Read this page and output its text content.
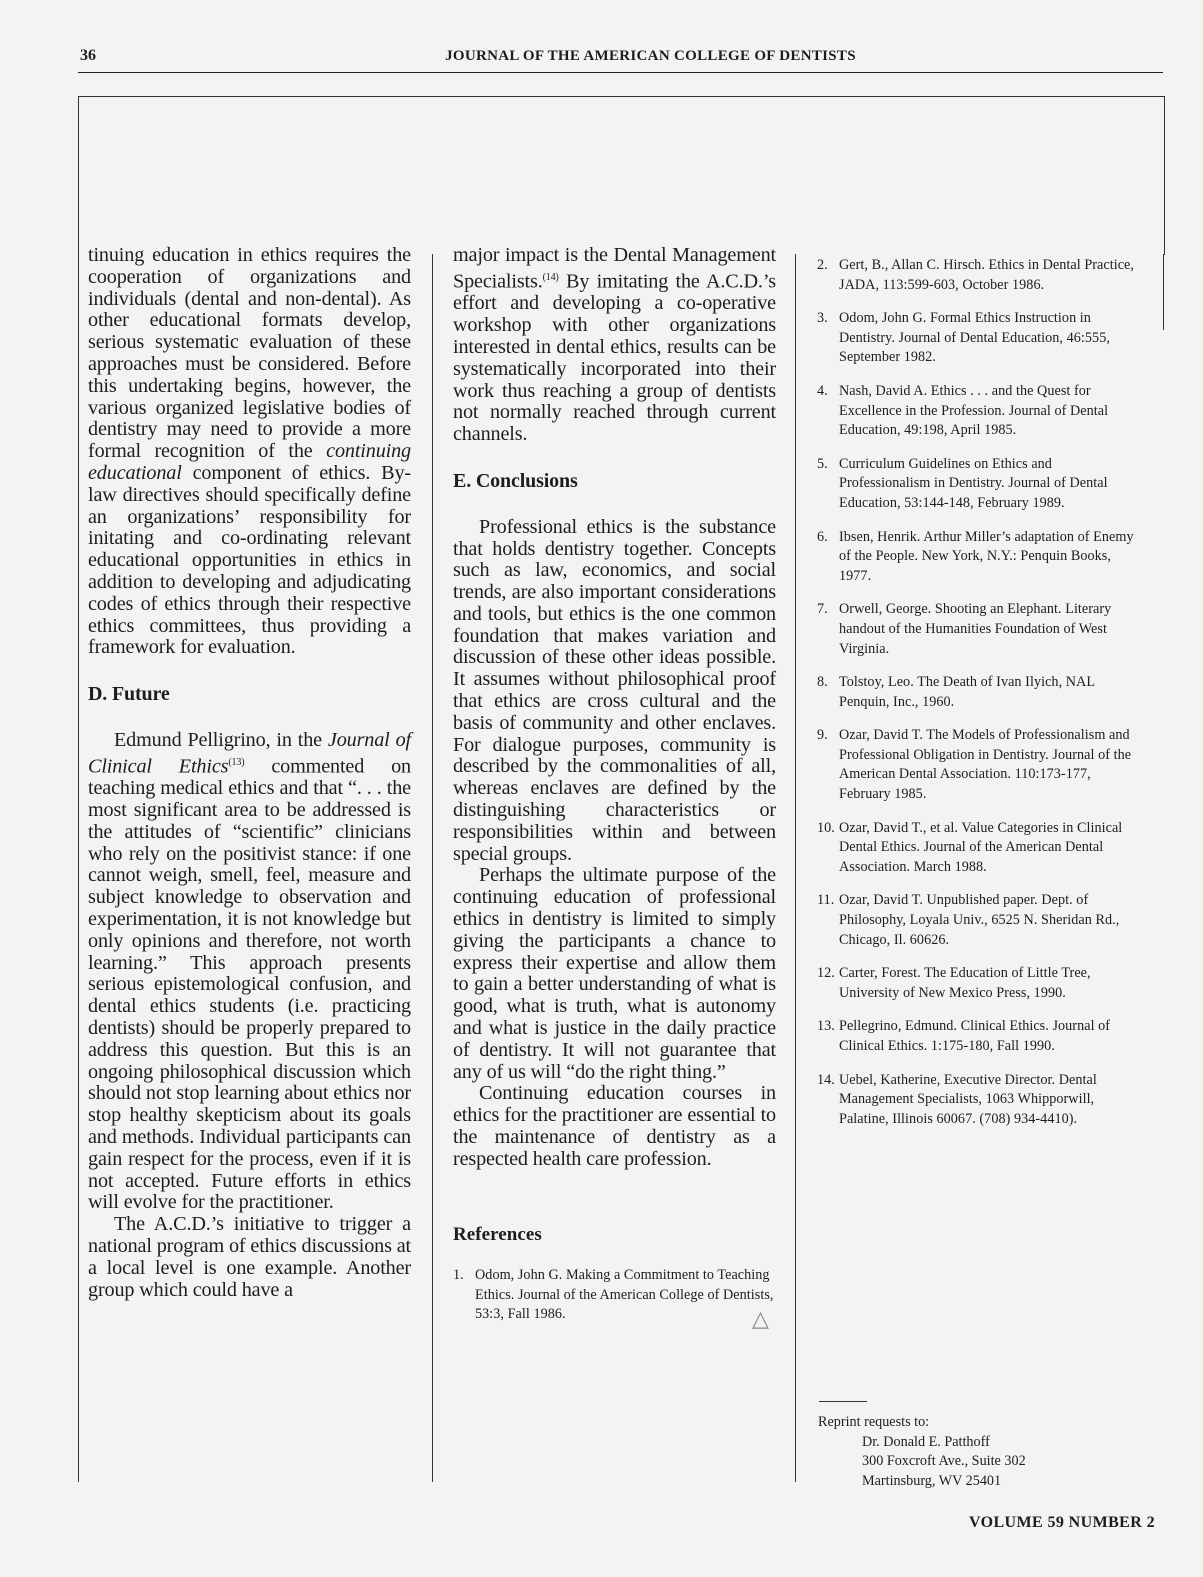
36	JOURNAL OF THE AMERICAN COLLEGE OF DENTISTS

tinuing education in ethics requires the cooperation of organizations and individuals (dental and non-dental). As other educational formats develop, serious systematic evaluation of these approaches must be considered. Before this undertaking begins, however, the various organized legislative bodies of dentistry may need to provide a more formal recognition of the continuing educational component of ethics. By-law directives should specifically define an organizations’ responsibility for initating and co-ordinating relevant educational opportunities in ethics in addition to developing and adjudicating codes of ethics through their respective ethics committees, thus providing a framework for evaluation.

D. Future

Edmund Pelligrino, in the Journal of Clinical Ethics$^{(13)}$ commented on teaching medical ethics and that “. . . the most significant area to be addressed is the attitudes of “scientific” clinicians who rely on the positivist stance: if one cannot weigh, smell, feel, measure and subject knowledge to observation and experimentation, it is not knowledge but only opinions and therefore, not worth learning.” This approach presents serious epistemological confusion, and dental ethics students (i.e. practicing dentists) should be properly prepared to address this question. But this is an ongoing philosophical discussion which should not stop learning about ethics nor stop healthy skepticism about its goals and methods. Individual participants can gain respect for the process, even if it is not accepted. Future efforts in ethics will evolve for the practitioner.

The A.C.D.’s initiative to trigger a national program of ethics discussions at a local level is one example. Another group which could have a

major impact is the Dental Management Specialists.$^{(14)}$ By imitating the A.C.D.’s effort and developing a co-operative workshop with other organizations interested in dental ethics, results can be systematically incorporated into their work thus reaching a group of dentists not normally reached through current channels.

E. Conclusions

Professional ethics is the substance that holds dentistry together. Concepts such as law, economics, and social trends, are also important considerations and tools, but ethics is the one common foundation that makes variation and discussion of these other ideas possible. It assumes without philosophical proof that ethics are cross cultural and the basis of community and other enclaves. For dialogue purposes, community is described by the commonalities of all, whereas enclaves are defined by the distinguishing characteristics or responsibilities within and between special groups.

Perhaps the ultimate purpose of the continuing education of professional ethics in dentistry is limited to simply giving the participants a chance to express their expertise and allow them to gain a better understanding of what is good, what is truth, what is autonomy and what is justice in the daily practice of dentistry. It will not guarantee that any of us will “do the right thing.”

Continuing education courses in ethics for the practitioner are essential to the maintenance of dentistry as a respected health care profession.

References
1. Odom, John G. Making a Commitment to Teaching Ethics. Journal of the American College of Dentists, 53:3, Fall 1986.	△
2. Gert, B., Allan C. Hirsch. Ethics in Dental Practice, JADA, 113:599-603, October 1986.
3. Odom, John G. Formal Ethics Instruction in Dentistry. Journal of Dental Education, 46:555, September 1982.
4. Nash, David A. Ethics . . . and the Quest for Excellence in the Profession. Journal of Dental Education, 49:198, April 1985.
5. Curriculum Guidelines on Ethics and Professionalism in Dentistry. Journal of Dental Education, 53:144-148, February 1989.
6. Ibsen, Henrik. Arthur Miller’s adaptation of Enemy of the People. New York, N.Y.: Penquin Books, 1977.
7. Orwell, George. Shooting an Elephant. Literary handout of the Humanities Foundation of West Virginia.
8. Tolstoy, Leo. The Death of Ivan Ilyich, NAL Penquin, Inc., 1960.
9. Ozar, David T. The Models of Professionalism and Professional Obligation in Dentistry. Journal of the American Dental Association. 110:173-177, February 1985.
10. Ozar, David T., et al. Value Categories in Clinical Dental Ethics. Journal of the American Dental Association. March 1988.
11. Ozar, David T. Unpublished paper. Dept. of Philosophy, Loyala Univ., 6525 N. Sheridan Rd., Chicago, Il. 60626.
12. Carter, Forest. The Education of Little Tree, University of New Mexico Press, 1990.
13. Pellegrino, Edmund. Clinical Ethics. Journal of Clinical Ethics. 1:175-180, Fall 1990.
14. Uebel, Katherine, Executive Director. Dental Management Specialists, 1063 Whipporwill, Palatine, Illinois 60067. (708) 934-4410).
Reprint requests to:
Dr. Donald E. Patthoff
300 Foxcroft Ave., Suite 302
Martinsburg, WV 25401
VOLUME 59 NUMBER 2
